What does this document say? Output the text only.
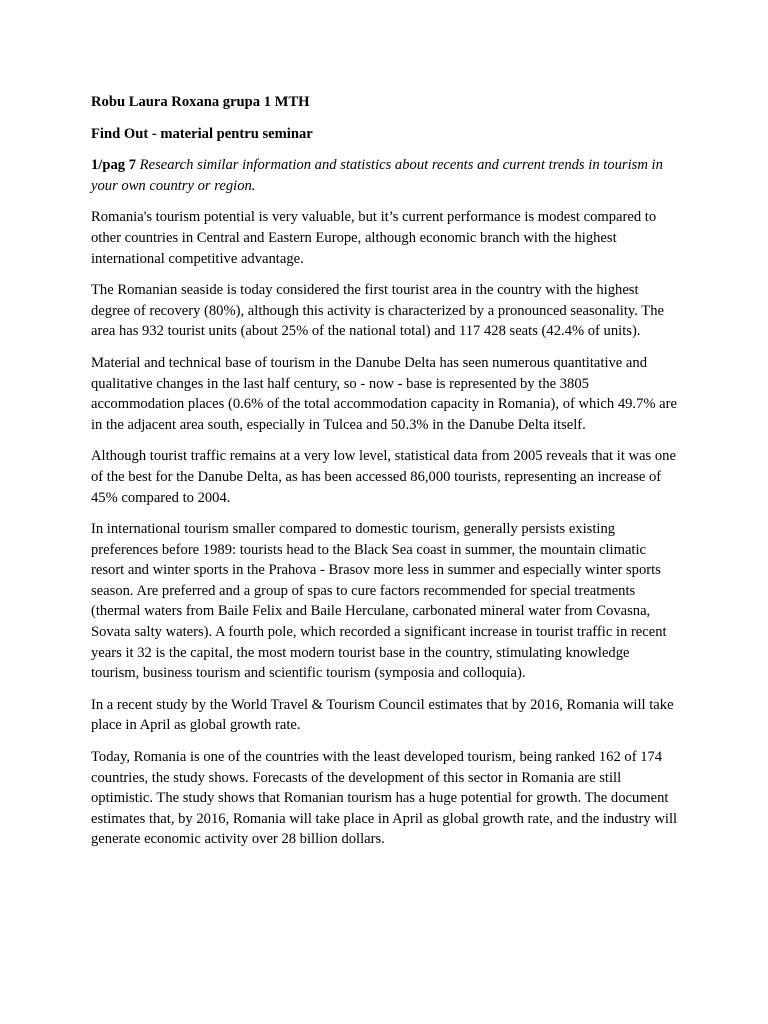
Robu Laura Roxana grupa 1 MTH

Find Out - material pentru seminar

1/pag 7 Research similar information and statistics about recents and current trends in tourism in your own country or region.

Romania's tourism potential is very valuable, but it’s current performance is modest compared to other countries in Central and Eastern Europe, although economic branch with the highest international competitive advantage.

The Romanian seaside is today considered the first tourist area in the country with the highest degree of recovery (80%), although this activity is characterized by a pronounced seasonality. The area has 932 tourist units (about 25% of the national total) and 117 428 seats (42.4% of units).

Material and technical base of tourism in the Danube Delta has seen numerous quantitative and qualitative changes in the last half century, so - now - base is represented by the 3805 accommodation places (0.6% of the total accommodation capacity in Romania), of which 49.7% are in the adjacent area south, especially in Tulcea and 50.3% in the Danube Delta itself.

Although tourist traffic remains at a very low level, statistical data from 2005 reveals that it was one of the best for the Danube Delta, as has been accessed 86,000 tourists, representing an increase of 45% compared to 2004.

In international tourism smaller compared to domestic tourism, generally persists existing preferences before 1989: tourists head to the Black Sea coast in summer, the mountain climatic resort and winter sports in the Prahova - Brasov more less in summer and especially winter sports season. Are preferred and a group of spas to cure factors recommended for special treatments (thermal waters from Baile Felix and Baile Herculane, carbonated mineral water from Covasna, Sovata salty waters). A fourth pole, which recorded a significant increase in tourist traffic in recent years it 32 is the capital, the most modern tourist base in the country, stimulating knowledge tourism, business tourism and scientific tourism (symposia and colloquia).

In a recent study by the World Travel & Tourism Council estimates that by 2016, Romania will take place in April as global growth rate.

Today, Romania is one of the countries with the least developed tourism, being ranked 162 of 174 countries, the study shows. Forecasts of the development of this sector in Romania are still optimistic. The study shows that Romanian tourism has a huge potential for growth. The document estimates that, by 2016, Romania will take place in April as global growth rate, and the industry will generate economic activity over 28 billion dollars.
